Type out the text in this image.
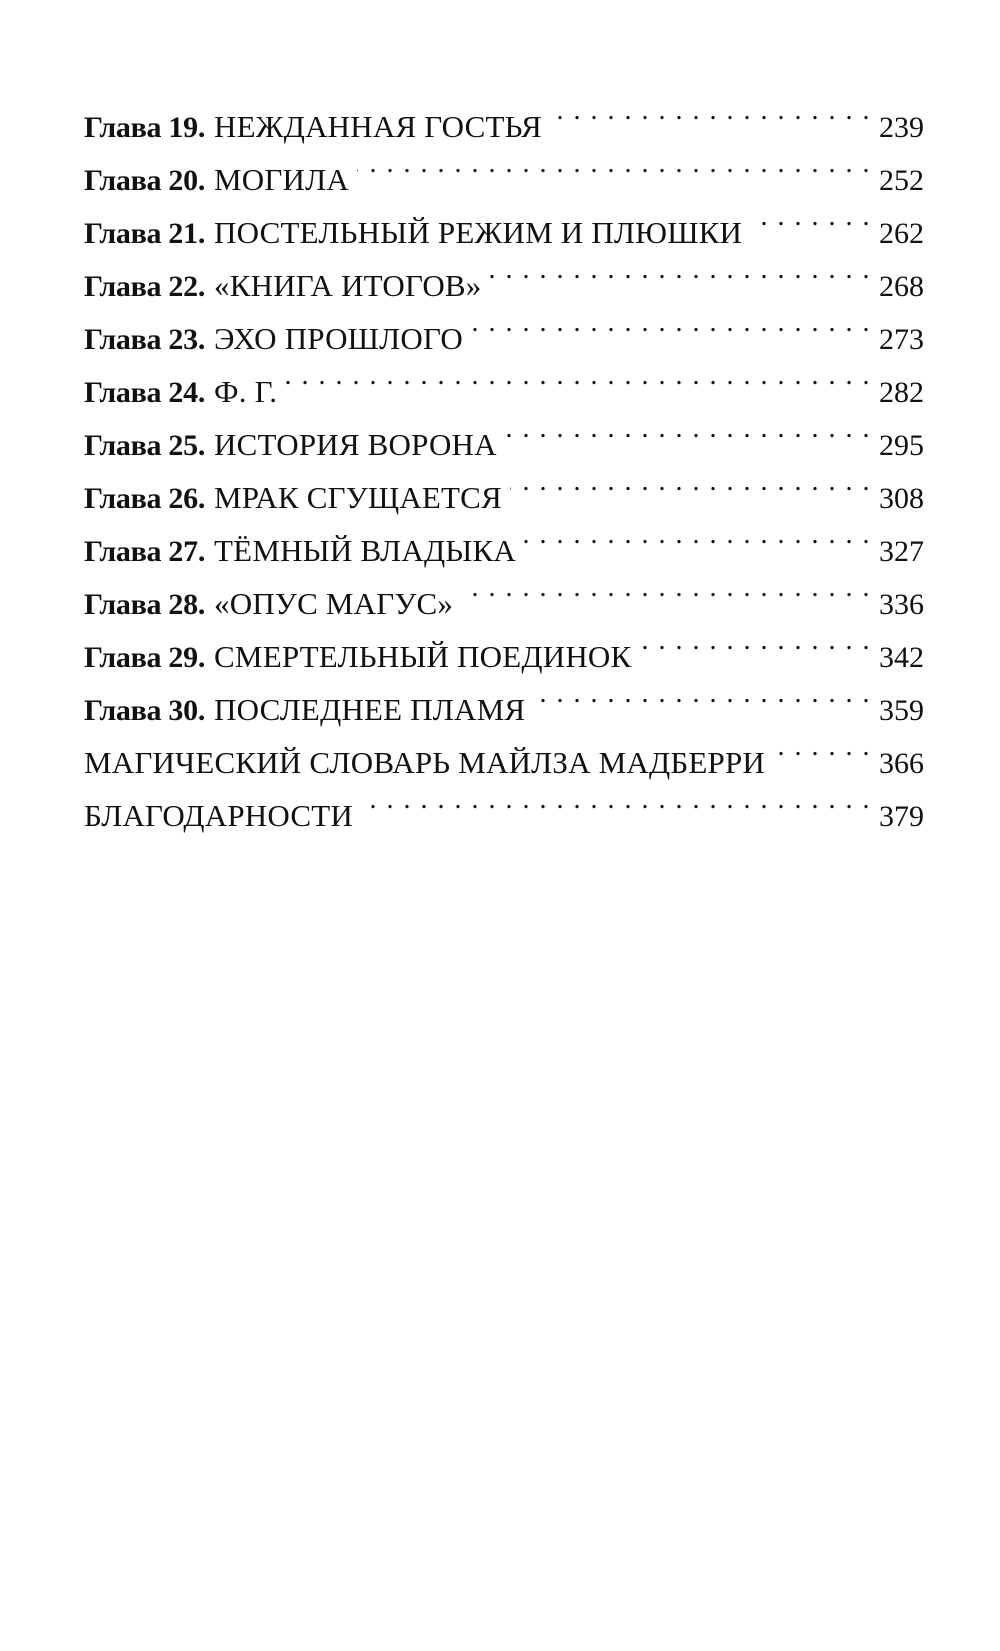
Глава 19. НЕЖДАННАЯ ГОСТЬЯ . . .	239
Глава 20. МОГИЛА . . .	252
Глава 21. ПОСТЕЛЬНЫЙ РЕЖИМ И ПЛЮШКИ . . .	262
Глава 22. «КНИГА ИТОГОВ» . . .	268
Глава 23. ЭХО ПРОШЛОГО . . .	273
Глава 24. Ф. Г. . . .	282
Глава 25. ИСТОРИЯ ВОРОНА . . .	295
Глава 26. МРАК СГУЩАЕТСЯ . . .	308
Глава 27. ТЁМНЫЙ ВЛАДЫКА . . .	327
Глава 28. «ОПУС МАГУС» . . .	336
Глава 29. СМЕРТЕЛЬНЫЙ ПОЕДИНОК . . .	342
Глава 30. ПОСЛЕДНЕЕ ПЛАМЯ . . .	359
МАГИЧЕСКИЙ СЛОВАРЬ МАЙЛЗА МАДБЕРРИ . . .	366
БЛАГОДАРНОСТИ . . .	379
